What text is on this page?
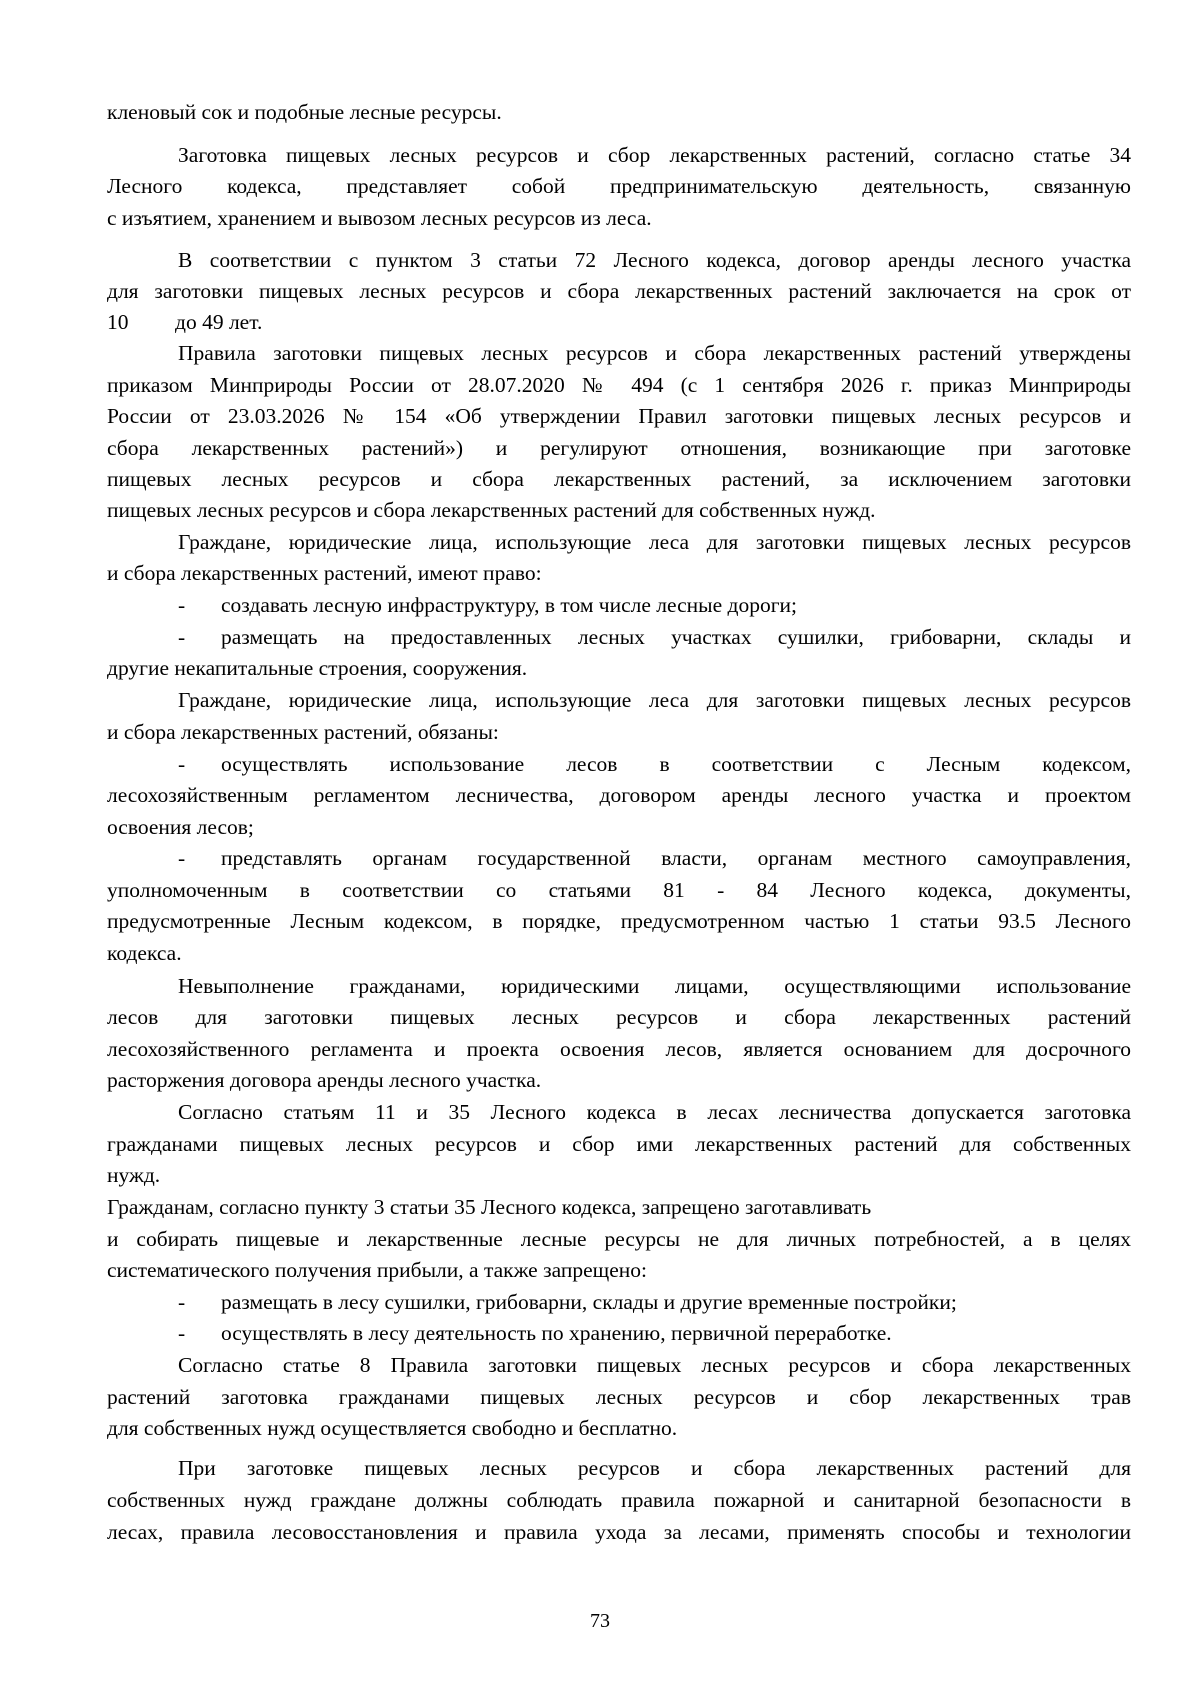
кленовый сок и подобные лесные ресурсы.

Заготовка пищевых лесных ресурсов и сбор лекарственных растений, согласно статье 34

Лесного кодекса, представляет собой предпринимательскую деятельность, связанную

с изъятием, хранением и вывозом лесных ресурсов из леса.

В соответствии с пунктом 3 статьи 72 Лесного кодекса, договор аренды лесного участка

для заготовки пищевых лесных ресурсов и сбора лекарственных растений заключается на срок от

10 до 49 лет.

Правила заготовки пищевых лесных ресурсов и сбора лекарственных растений утверждены

приказом Минприроды России от 28.07.2020 № 494 (с 1 сентября 2026 г. приказ Минприроды

России от 23.03.2026 № 154 «Об утверждении Правил заготовки пищевых лесных ресурсов и

сбора лекарственных растений») и регулируют отношения, возникающие при заготовке

пищевых лесных ресурсов и сбора лекарственных растений, за исключением заготовки

пищевых лесных ресурсов и сбора лекарственных растений для собственных нужд.

Граждане, юридические лица, использующие леса для заготовки пищевых лесных ресурсов

и сбора лекарственных растений, имеют право:

- создавать лесную инфраструктуру, в том числе лесные дороги;
- размещать на предоставленных лесных участках сушилки, грибоварни, склады и

другие некапитальные строения, сооружения.

Граждане, юридические лица, использующие леса для заготовки пищевых лесных ресурсов

и сбора лекарственных растений, обязаны:

- осуществлять использование лесов в соответствии с Лесным кодексом,

лесохозяйственным регламентом лесничества, договором аренды лесного участка и проектом

освоения лесов;

- представлять органам государственной власти, органам местного самоуправления,

уполномоченным в соответствии со статьями 81 - 84 Лесного кодекса, документы,

предусмотренные Лесным кодексом, в порядке, предусмотренном частью 1 статьи 93.5 Лесного

кодекса.

Невыполнение гражданами, юридическими лицами, осуществляющими использование

лесов для заготовки пищевых лесных ресурсов и сбора лекарственных растений

лесохозяйственного регламента и проекта освоения лесов, является основанием для досрочного

расторжения договора аренды лесного участка.

Согласно статьям 11 и 35 Лесного кодекса в лесах лесничества допускается заготовка

гражданами пищевых лесных ресурсов и сбор ими лекарственных растений для собственных

нужд.

Гражданам, согласно пункту 3 статьи 35 Лесного кодекса, запрещено заготавливать

и собирать пищевые и лекарственные лесные ресурсы не для личных потребностей, а в целях

систематического получения прибыли, а также запрещено:

- размещать в лесу сушилки, грибоварни, склады и другие временные постройки;
- осуществлять в лесу деятельность по хранению, первичной переработке.

Согласно статье 8 Правила заготовки пищевых лесных ресурсов и сбора лекарственных

растений заготовка гражданами пищевых лесных ресурсов и сбор лекарственных трав

для собственных нужд осуществляется свободно и бесплатно.

При заготовке пищевых лесных ресурсов и сбора лекарственных растений для

собственных нужд граждане должны соблюдать правила пожарной и санитарной безопасности в

лесах, правила лесовосстановления и правила ухода за лесами, применять способы и технологии

73
